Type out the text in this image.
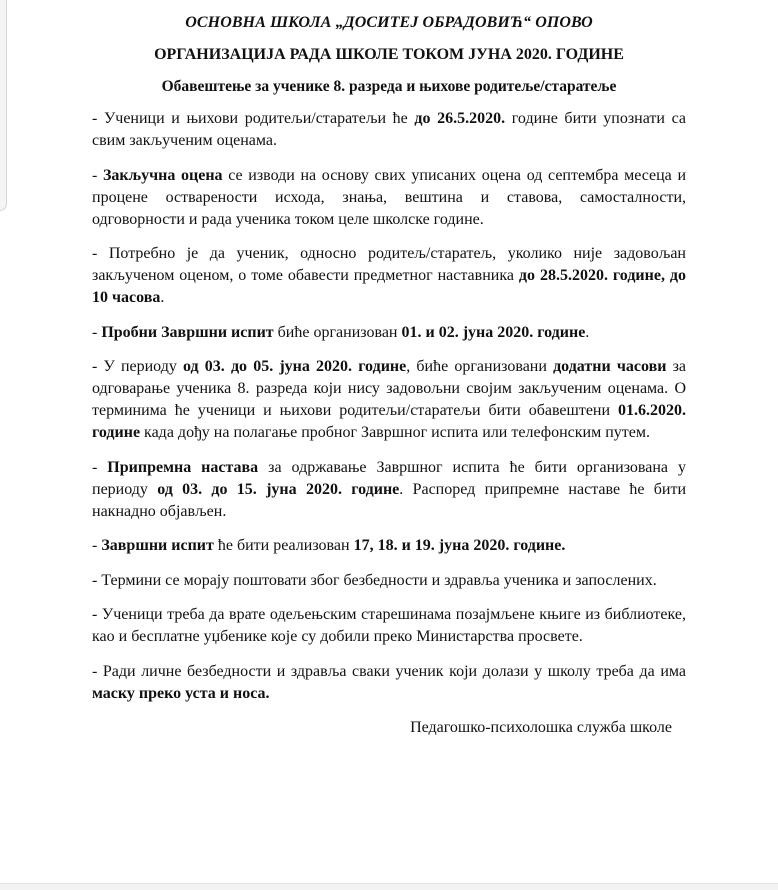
ОСНОВНА ШКОЛА „ДОСИТЕЈ ОБРАДОВИЋ“ ОПОВО
ОРГАНИЗАЦИЈА РАДА ШКОЛЕ ТОКОМ ЈУНА 2020. ГОДИНЕ
Обавештење за ученике 8. разреда и њихове родитеље/старатеље
- Ученици и њихови родитељи/старатељи ће до 26.5.2020. године бити упознати са свим закљученим оценама.
- Закључна оцена се изводи на основу свих уписаних оцена од септембра месеца и процене остварености исхода, знања, вештина и ставова, самосталности, одговорности и рада ученика током целе школске године.
- Потребно је да ученик, односно родитељ/старатељ, уколико није задовољан закљученом оценом, о томе обавести предметног наставника до 28.5.2020. године, до 10 часова.
- Пробни Завршни испит биће организован 01. и 02. јуна 2020. године.
- У периоду од 03. до 05. јуна 2020. године, биће организовани додатни часови за одговарање ученика 8. разреда који нису задовољни својим закљученим оценама. О терминима ће ученици и њихови родитељи/старатељи бити обавештени 01.6.2020. године када дођу на полагање пробног Завршног испита или телефонским путем.
- Припремна настава за одржавање Завршног испита ће бити организована у периоду од 03. до 15. јуна 2020. године. Распоред припремне наставе ће бити накнадно објављен.
- Завршни испит ће бити реализован 17, 18. и 19. јуна 2020. године.
- Термини се морају поштовати због безбедности и здравља ученика и запослених.
- Ученици треба да врате одељењским старешинама позајмљене књиге из библиотеке, као и бесплатне уџбенике које су добили преко Министарства просвете.
- Ради личне безбедности и здравља сваки ученик који долази у школу треба да има маску преко уста и носа.
Педагошко-психолошка служба школе
